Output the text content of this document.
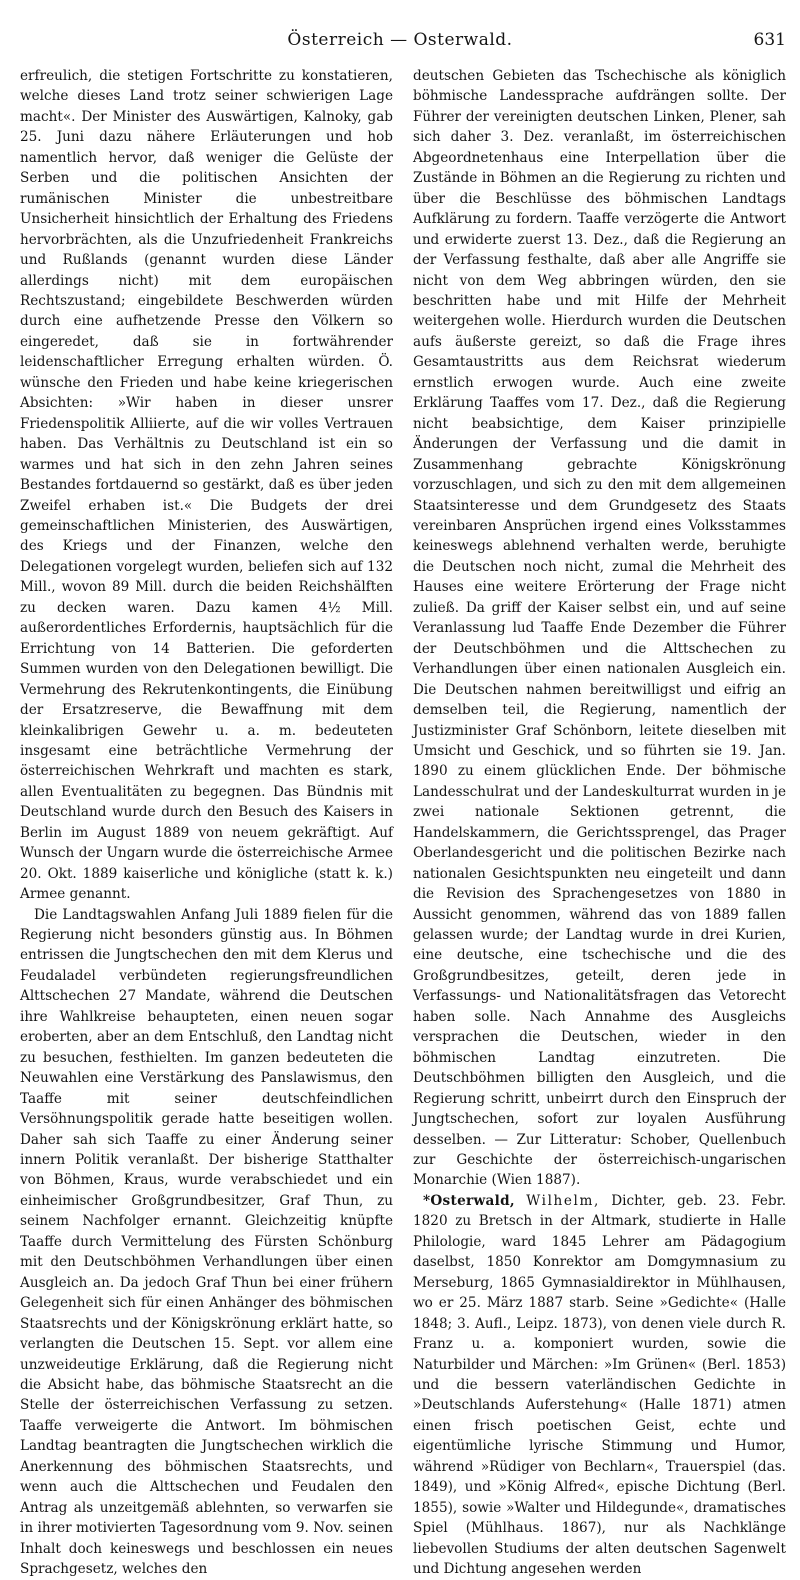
Österreich — Osterwald.	631

erfreulich, die stetigen Fortschritte zu konstatieren, welche dieses Land trotz seiner schwierigen Lage macht«. Der Minister des Auswärtigen, Kalnoky, gab 25. Juni dazu nähere Erläuterungen und hob namentlich hervor, daß weniger die Gelüste der Serben und die politischen Ansichten der rumänischen Minister die unbestreitbare Unsicherheit hinsichtlich der Erhaltung des Friedens hervorbrächten, als die Unzufriedenheit Frankreichs und Rußlands (genannt wurden diese Länder allerdings nicht) mit dem europäischen Rechtszustand; eingebildete Beschwerden würden durch eine aufhetzende Presse den Völkern so eingeredet, daß sie in fortwährender leidenschaftlicher Erregung erhalten würden. Ö. wünsche den Frieden und habe keine kriegerischen Absichten: »Wir haben in dieser unsrer Friedenspolitik Alliierte, auf die wir volles Vertrauen haben. Das Verhältnis zu Deutschland ist ein so warmes und hat sich in den zehn Jahren seines Bestandes fortdauernd so gestärkt, daß es über jeden Zweifel erhaben ist.« Die Budgets der drei gemeinschaftlichen Ministerien, des Auswärtigen, des Kriegs und der Finanzen, welche den Delegationen vorgelegt wurden, beliefen sich auf 132 Mill., wovon 89 Mill. durch die beiden Reichshälften zu decken waren. Dazu kamen 4½ Mill. außerordentliches Erfordernis, hauptsächlich für die Errichtung von 14 Batterien. Die geforderten Summen wurden von den Delegationen bewilligt. Die Vermehrung des Rekrutenkontingents, die Einübung der Ersatzreserve, die Bewaffnung mit dem kleinkalibrigen Gewehr u. a. m. bedeuteten insgesamt eine beträchtliche Vermehrung der österreichischen Wehrkraft und machten es stark, allen Eventualitäten zu begegnen. Das Bündnis mit Deutschland wurde durch den Besuch des Kaisers in Berlin im August 1889 von neuem gekräftigt. Auf Wunsch der Ungarn wurde die österreichische Armee 20. Okt. 1889 kaiserliche und königliche (statt k. k.) Armee genannt.

Die Landtagswahlen Anfang Juli 1889 fielen für die Regierung nicht besonders günstig aus. In Böhmen entrissen die Jungtschechen den mit dem Klerus und Feudaladel verbündeten regierungsfreundlichen Alttschechen 27 Mandate, während die Deutschen ihre Wahlkreise behaupteten, einen neuen sogar eroberten, aber an dem Entschluß, den Landtag nicht zu besuchen, festhielten. Im ganzen bedeuteten die Neuwahlen eine Verstärkung des Panslawismus, den Taaffe mit seiner deutschfeindlichen Versöhnungspolitik gerade hatte beseitigen wollen. Daher sah sich Taaffe zu einer Änderung seiner innern Politik veranlaßt. Der bisherige Statthalter von Böhmen, Kraus, wurde verabschiedet und ein einheimischer Großgrundbesitzer, Graf Thun, zu seinem Nachfolger ernannt. Gleichzeitig knüpfte Taaffe durch Vermittelung des Fürsten Schönburg mit den Deutschböhmen Verhandlungen über einen Ausgleich an. Da jedoch Graf Thun bei einer frühern Gelegenheit sich für einen Anhänger des böhmischen Staatsrechts und der Königskrönung erklärt hatte, so verlangten die Deutschen 15. Sept. vor allem eine unzweideutige Erklärung, daß die Regierung nicht die Absicht habe, das böhmische Staatsrecht an die Stelle der österreichischen Verfassung zu setzen. Taaffe verweigerte die Antwort. Im böhmischen Landtag beantragten die Jungtschechen wirklich die Anerkennung des böhmischen Staatsrechts, und wenn auch die Alttschechen und Feudalen den Antrag als unzeitgemäß ablehnten, so verwarfen sie in ihrer motivierten Tagesordnung vom 9. Nov. seinen Inhalt doch keineswegs und beschlossen ein neues Sprachgesetz, welches den

deutschen Gebieten das Tschechische als königlich böhmische Landessprache aufdrängen sollte. Der Führer der vereinigten deutschen Linken, Plener, sah sich daher 3. Dez. veranlaßt, im österreichischen Abgeordnetenhaus eine Interpellation über die Zustände in Böhmen an die Regierung zu richten und über die Beschlüsse des böhmischen Landtags Aufklärung zu fordern. Taaffe verzögerte die Antwort und erwiderte zuerst 13. Dez., daß die Regierung an der Verfassung festhalte, daß aber alle Angriffe sie nicht von dem Weg abbringen würden, den sie beschritten habe und mit Hilfe der Mehrheit weitergehen wolle. Hierdurch wurden die Deutschen aufs äußerste gereizt, so daß die Frage ihres Gesamtaustritts aus dem Reichsrat wiederum ernstlich erwogen wurde. Auch eine zweite Erklärung Taaffes vom 17. Dez., daß die Regierung nicht beabsichtige, dem Kaiser prinzipielle Änderungen der Verfassung und die damit in Zusammenhang gebrachte Königskrönung vorzuschlagen, und sich zu den mit dem allgemeinen Staatsinteresse und dem Grundgesetz des Staats vereinbaren Ansprüchen irgend eines Volksstammes keineswegs ablehnend verhalten werde, beruhigte die Deutschen noch nicht, zumal die Mehrheit des Hauses eine weitere Erörterung der Frage nicht zuließ. Da griff der Kaiser selbst ein, und auf seine Veranlassung lud Taaffe Ende Dezember die Führer der Deutschböhmen und die Alttschechen zu Verhandlungen über einen nationalen Ausgleich ein. Die Deutschen nahmen bereitwilligst und eifrig an demselben teil, die Regierung, namentlich der Justizminister Graf Schönborn, leitete dieselben mit Umsicht und Geschick, und so führten sie 19. Jan. 1890 zu einem glücklichen Ende. Der böhmische Landesschulrat und der Landeskulturrat wurden in je zwei nationale Sektionen getrennt, die Handelskammern, die Gerichtssprengel, das Prager Oberlandesgericht und die politischen Bezirke nach nationalen Gesichtspunkten neu eingeteilt und dann die Revision des Sprachengesetzes von 1880 in Aussicht genommen, während das von 1889 fallen gelassen wurde; der Landtag wurde in drei Kurien, eine deutsche, eine tschechische und die des Großgrundbesitzes, geteilt, deren jede in Verfassungs- und Nationalitätsfragen das Vetorecht haben solle. Nach Annahme des Ausgleichs versprachen die Deutschen, wieder in den böhmischen Landtag einzutreten. Die Deutschböhmen billigten den Ausgleich, und die Regierung schritt, unbeirrt durch den Einspruch der Jungtschechen, sofort zur loyalen Ausführung desselben. — Zur Litteratur: Schober, Quellenbuch zur Geschichte der österreichisch-ungarischen Monarchie (Wien 1887).

*Osterwald, Wilhelm, Dichter, geb. 23. Febr. 1820 zu Bretsch in der Altmark, studierte in Halle Philologie, ward 1845 Lehrer am Pädagogium daselbst, 1850 Konrektor am Domgymnasium zu Merseburg, 1865 Gymnasialdirektor in Mühlhausen, wo er 25. März 1887 starb. Seine »Gedichte« (Halle 1848; 3. Aufl., Leipz. 1873), von denen viele durch R. Franz u. a. komponiert wurden, sowie die Naturbilder und Märchen: »Im Grünen« (Berl. 1853) und die bessern vaterländischen Gedichte in »Deutschlands Auferstehung« (Halle 1871) atmen einen frisch poetischen Geist, echte und eigentümliche lyrische Stimmung und Humor, während »Rüdiger von Bechlarn«, Trauerspiel (das. 1849), und »König Alfred«, epische Dichtung (Berl. 1855), sowie »Walter und Hildegunde«, dramatisches Spiel (Mühlhaus. 1867), nur als Nachklänge liebevollen Studiums der alten deutschen Sagenwelt und Dichtung angesehen werden
